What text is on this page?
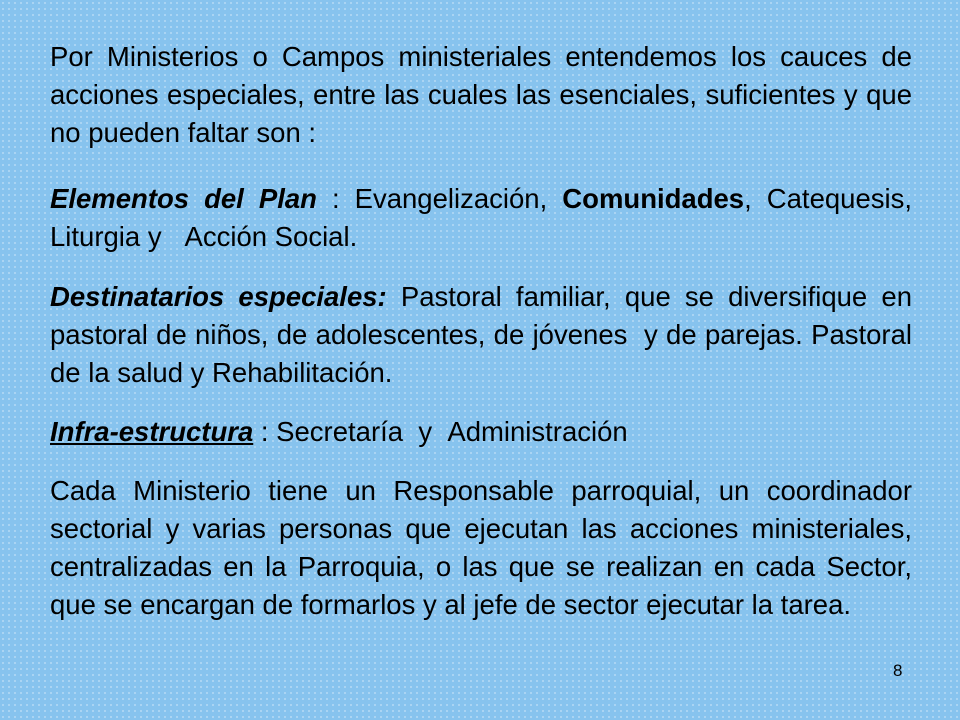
Por Ministerios o Campos ministeriales entendemos los cauces de acciones especiales, entre las cuales las esenciales, suficientes y que no pueden faltar son :

Elementos del Plan : Evangelización, Comunidades, Catequesis, Liturgia y   Acción Social.

Destinatarios especiales: Pastoral familiar, que se diversifique en pastoral de niños, de adolescentes, de jóvenes  y de parejas. Pastoral de la salud y Rehabilitación.

Infra-estructura : Secretaría  y  Administración

Cada Ministerio tiene un Responsable parroquial, un coordinador sectorial y varias personas que ejecutan las acciones ministeriales, centralizadas en la Parroquia, o las que se realizan en cada Sector, que se encargan de formarlos y al jefe de sector ejecutar la tarea.

8
